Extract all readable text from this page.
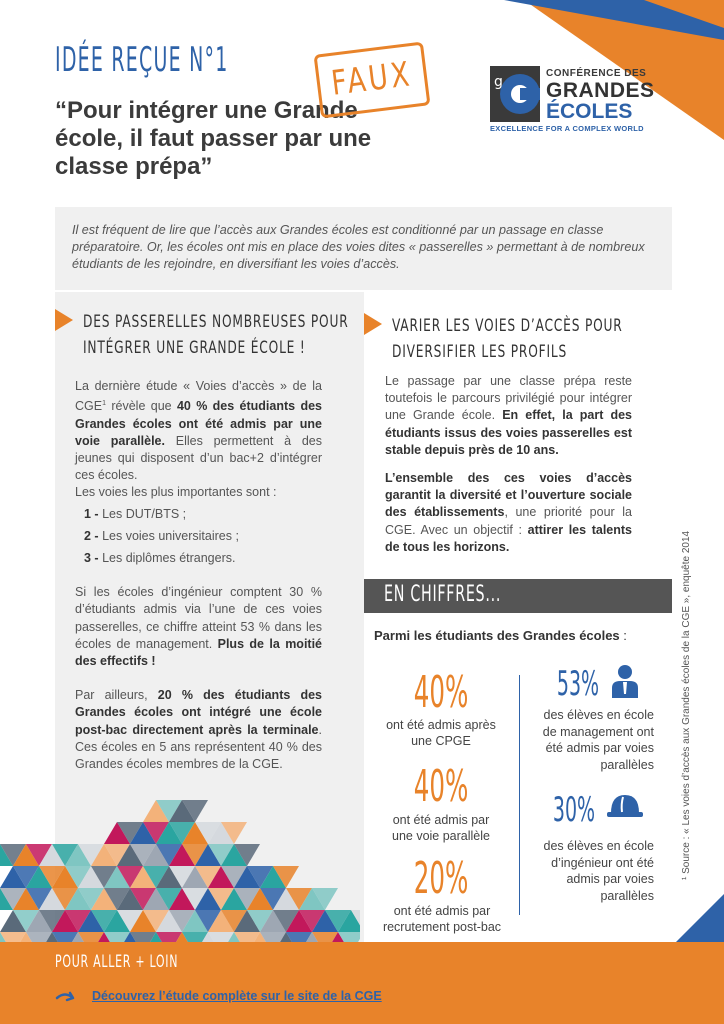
IDÉE REÇUE N°1
“Pour intégrer une Grande école, il faut passer par une classe prépa”
FAUX	g
CONFÉRENCE DES
GRANDES
ÉCOLES
EXCELLENCE FOR A COMPLEX WORLD
Il est fréquent de lire que l’accès aux Grandes écoles est conditionné par un passage en classe préparatoire. Or, les écoles ont mis en place des voies dites « passerelles » permettant à de nombreux étudiants de les rejoindre, en diversifiant les voies d’accès.
DES PASSERELLES NOMBREUSES POUR
INTÉGRER UNE GRANDE ÉCOLE !

La dernière étude « Voies d’accès » de la CGE$^1$ révèle que 40 % des étudiants des Grandes écoles ont été admis par une voie parallèle. Elles permettent à des jeunes qui disposent d’un bac+2 d’intégrer ces écoles.

Les voies les plus importantes sont :

1 - Les DUT/BTS ;
2 - Les voies universitaires ;
3 - Les diplômes étrangers.

Si les écoles d’ingénieur comptent 30 % d’étudiants admis via l’une de ces voies passerelles, ce chiffre atteint 53 % dans les écoles de management. Plus de la moitié des effectifs !

Par ailleurs, 20 % des étudiants des Grandes écoles ont intégré une école post-bac directement après la terminale. Ces écoles en 5 ans représentent 40 % des Grandes écoles membres de la CGE.

VARIER LES VOIES D’ACCÈS POUR
DIVERSIFIER LES PROFILS

Le passage par une classe prépa reste toutefois le parcours privilégié pour intégrer une Grande école. En effet, la part des étudiants issus des voies passerelles est stable depuis près de 10 ans.

L’ensemble des ces voies d’accès garantit la diversité et l’ouverture sociale des établissements, une priorité pour la CGE. Avec un objectif : attirer les talents de tous les horizons.

EN CHIFFRES...
Parmi les étudiants des Grandes écoles :
40%
ont été admis après une CPGE
40%
ont été admis par une voie parallèle
20%
ont été admis par recrutement post-bac
53%
des élèves en école de management ont été admis par voies parallèles
30%
des élèves en école d’ingénieur ont été admis par voies parallèles
¹ Source : « Les voies d’accès aux Grandes écoles de la CGE », enquête 2014
POUR ALLER + LOIN
Découvrez l’étude complète sur le site de la CGE
